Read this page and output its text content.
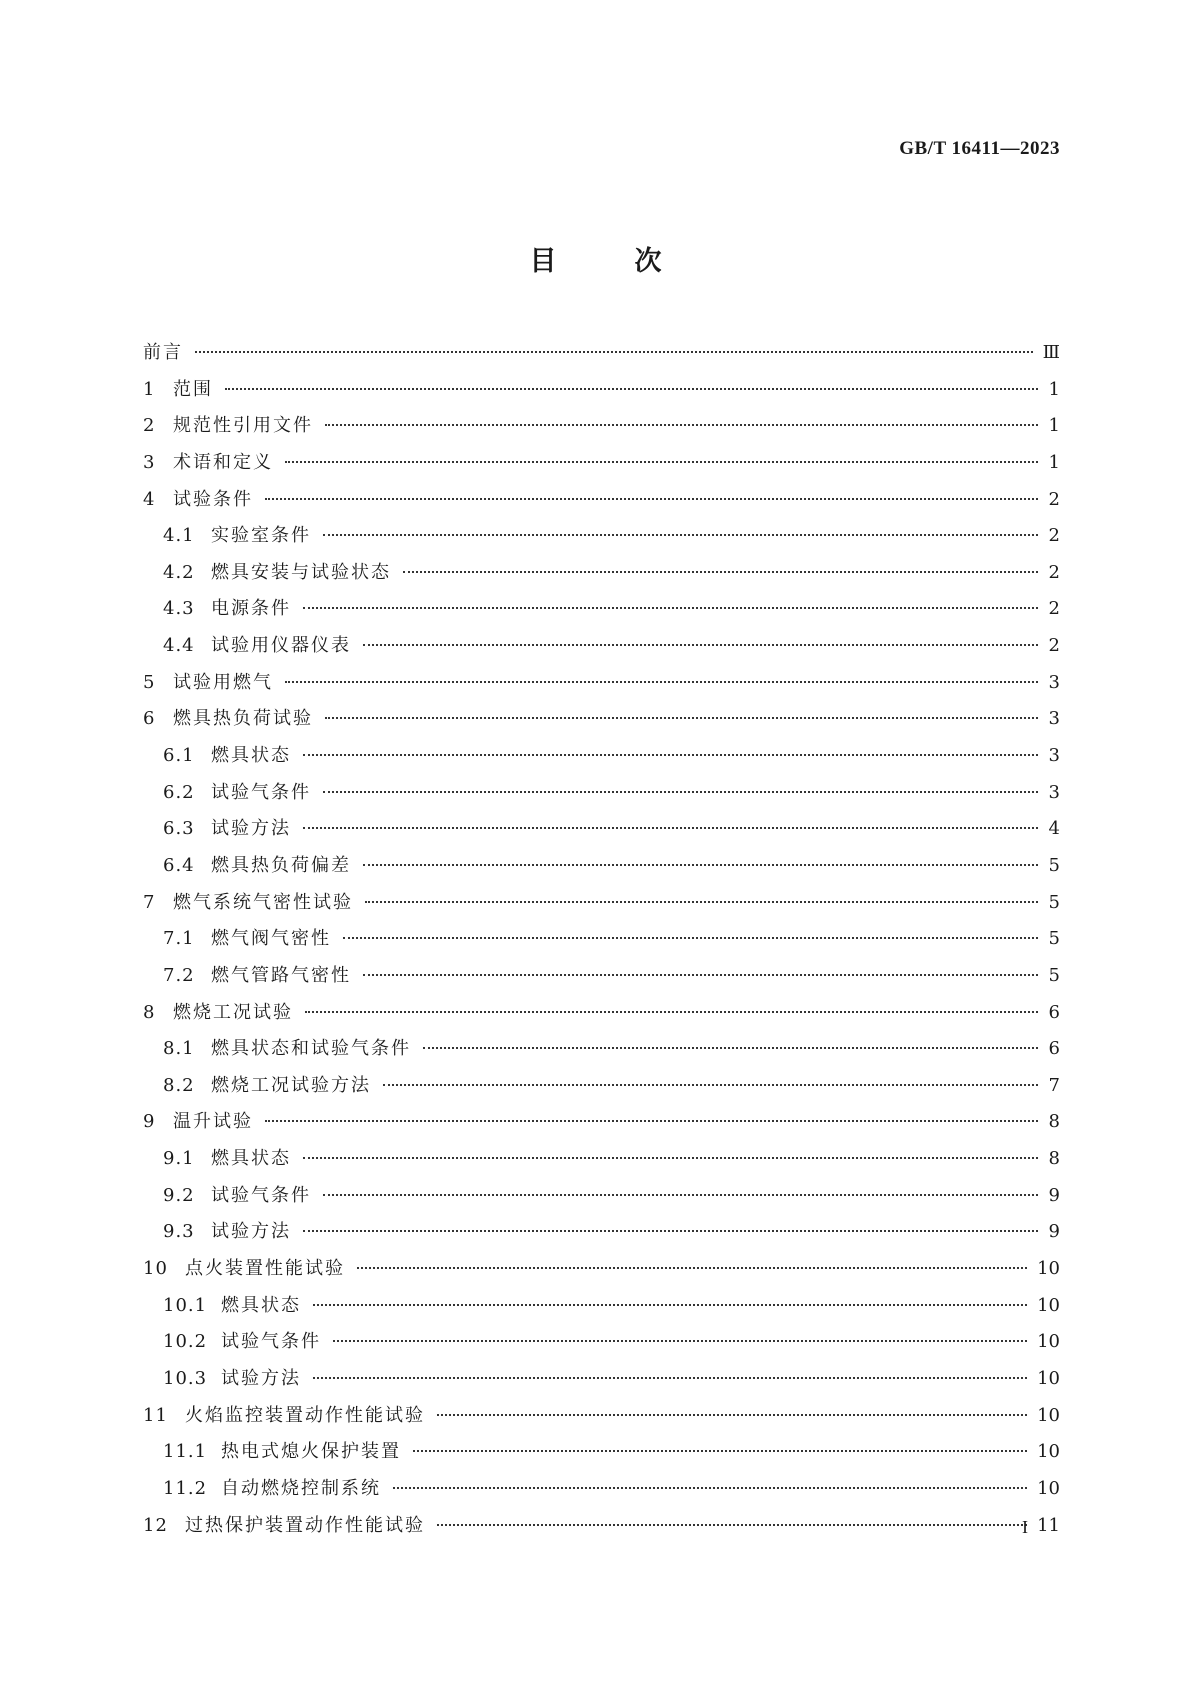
GB/T 16411—2023
目	次
前言	Ⅲ
1 范围	1
2 规范性引用文件	1
3 术语和定义	1
4 试验条件	2
4.1 实验室条件	2
4.2 燃具安装与试验状态	2
4.3 电源条件	2
4.4 试验用仪器仪表	2
5 试验用燃气	3
6 燃具热负荷试验	3
6.1 燃具状态	3
6.2 试验气条件	3
6.3 试验方法	4
6.4 燃具热负荷偏差	5
7 燃气系统气密性试验	5
7.1 燃气阀气密性	5
7.2 燃气管路气密性	5
8 燃烧工况试验	6
8.1 燃具状态和试验气条件	6
8.2 燃烧工况试验方法	7
9 温升试验	8
9.1 燃具状态	8
9.2 试验气条件	9
9.3 试验方法	9
10 点火装置性能试验	10
10.1 燃具状态	10
10.2 试验气条件	10
10.3 试验方法	10
11 火焰监控装置动作性能试验	10
11.1 热电式熄火保护装置	10
11.2 自动燃烧控制系统	10
12 过热保护装置动作性能试验	11
I
